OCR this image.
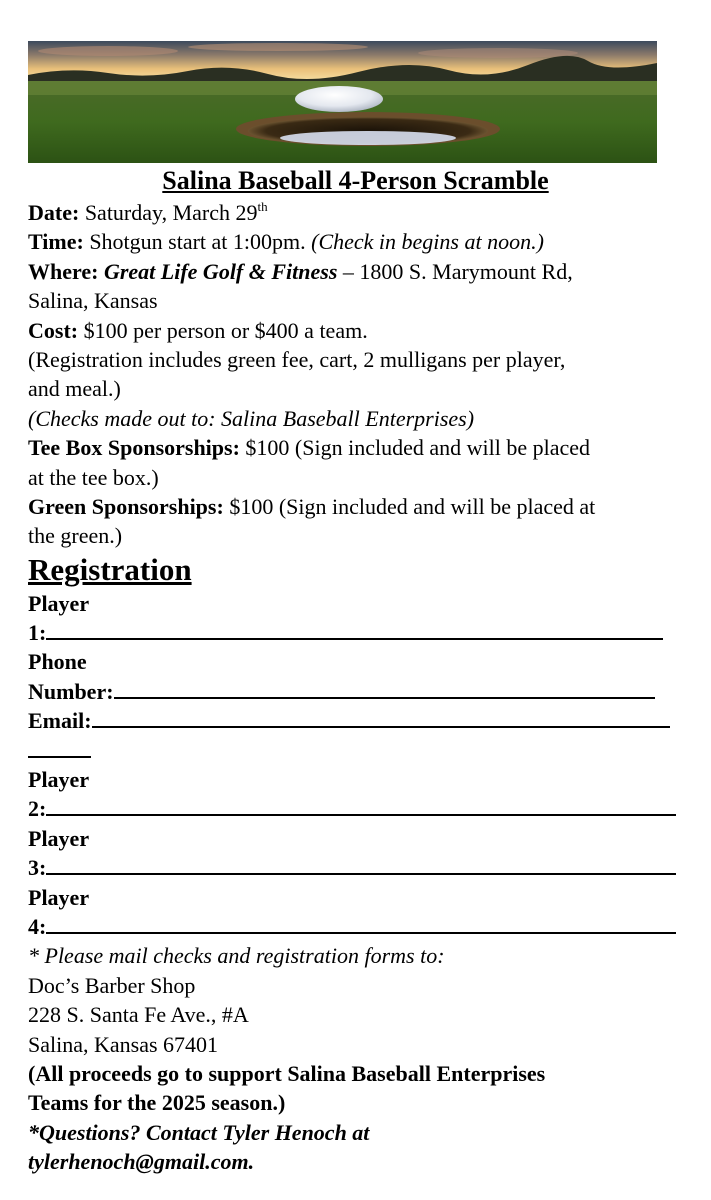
Salina Baseball 4-Person Scramble
Date: Saturday, March 29th
Time: Shotgun start at 1:00pm. (Check in begins at noon.)
Where: Great Life Golf & Fitness – 1800 S. Marymount Rd,
Salina, Kansas
Cost: $100 per person or $400 a team.
(Registration includes green fee, cart, 2 mulligans per player,
and meal.)
(Checks made out to: Salina Baseball Enterprises)
Tee Box Sponsorships: $100 (Sign included and will be placed
at the tee box.)
Green Sponsorships: $100 (Sign included and will be placed at
the green.)
Registration
Player
1:
Phone
Number:
Email:
Player
2:
Player
3:
Player
4:
* Please mail checks and registration forms to:
Doc’s Barber Shop
228 S. Santa Fe Ave., #A
Salina, Kansas 67401
(All proceeds go to support Salina Baseball Enterprises
Teams for the 2025 season.)
*Questions? Contact Tyler Henoch at
tylerhenoch@gmail.com.
